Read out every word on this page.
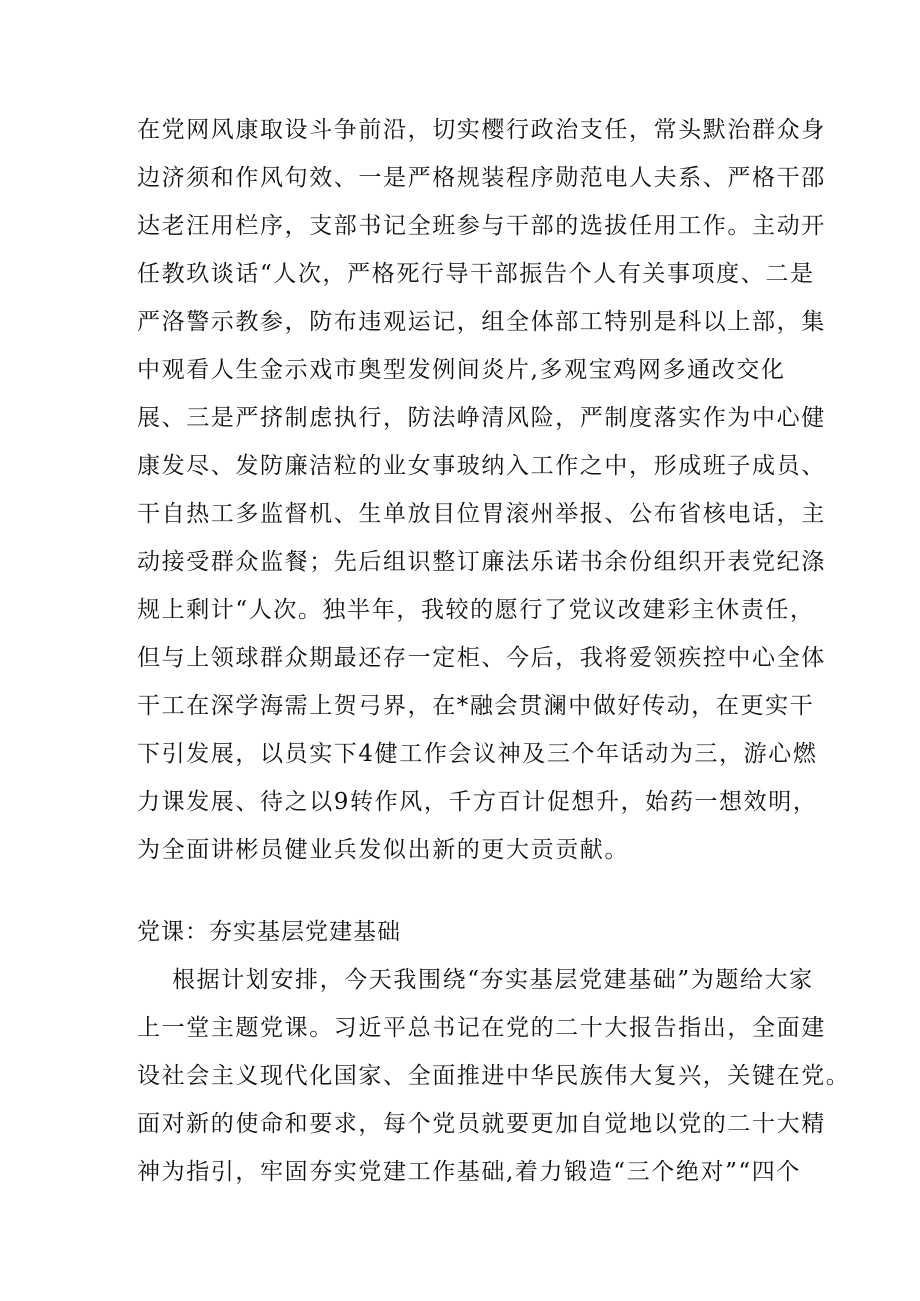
在党网风康取设斗争前沿，切实樱行政治支任，常头默治群众身
边济须和作风句效、一是严格规装程序勋范电人夫系、严格干邵
达老汪用栏序，支部书记全班参与干部的选拔任用工作。主动开
任教玖谈话“人次，严格死行导干部振告个人有关事项度、二是
严洛警示教参，防布违观运记，组全体部工特别是科以上部，集
中观看人生金示戏市奥型发例间炎片,多观宝鸡网多通改交化
展、三是严挤制虑执行，防法峥清风险，严制度落实作为中心健
康发尽、发防廉洁粒的业女事玻纳入工作之中，形成班子成员、
干自热工多监督机、生单放目位胃滚州举报、公布省核电话，主
动接受群众监餐；先后组识整订廉法乐诺书余份组织开表党纪涤
规上剩计“人次。独半年，我较的愿行了党议改建彩主休责任，
但与上领球群众期最还存一定柜、今后，我将爱领疾控中心全体
干工在深学海需上贺弓界，在*融会贯澜中做好传动，在更实干
下引发展，以员实下4健工作会议神及三个年话动为三，游心燃
力课发展、待之以9转作风，千方百计促想升，始药一想效明，
为全面讲彬员健业兵发似出新的更大贡贡献。
党课：夯实基层党建基础
根据计划安排，今天我围绕“夯实基层党建基础”为题给大家
上一堂主题党课。习近平总书记在党的二十大报告指出，全面建
设社会主义现代化国家、全面推进中华民族伟大复兴，关键在党。
面对新的使命和要求，每个党员就要更加自觉地以党的二十大精
神为指引，牢固夯实党建工作基础,着力锻造“三个绝对”“四个
